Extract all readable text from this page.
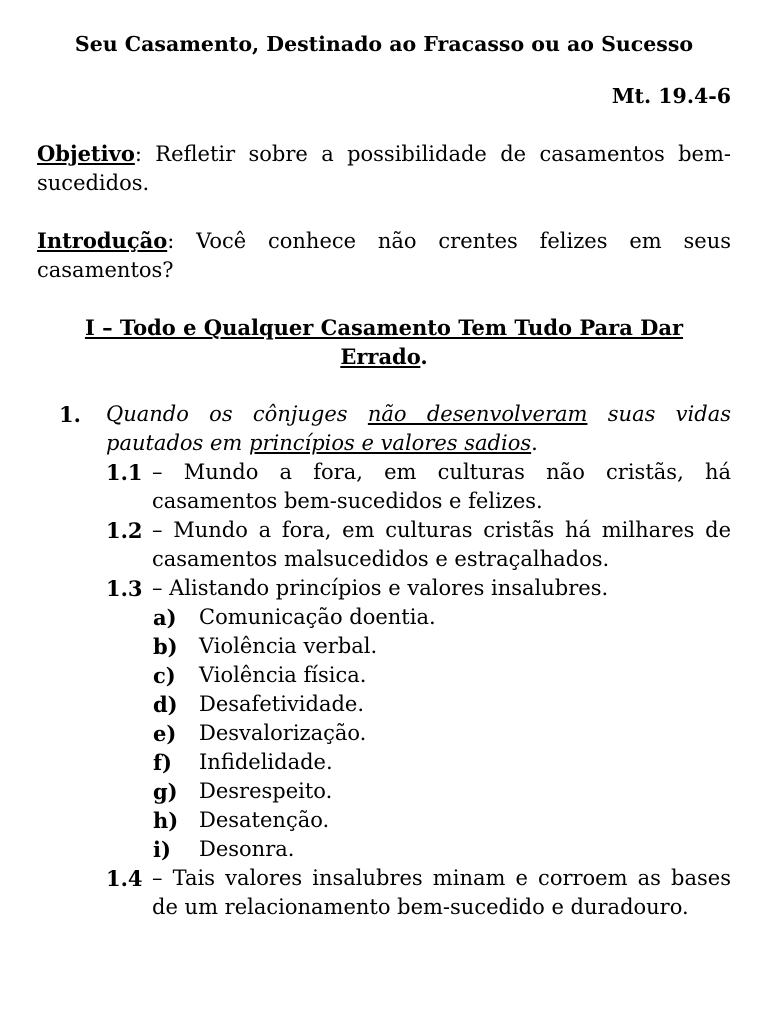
Seu Casamento, Destinado ao Fracasso ou ao Sucesso
Mt. 19.4-6
Objetivo: Refletir sobre a possibilidade de casamentos bem-sucedidos.
Introdução: Você conhece não crentes felizes em seus casamentos?
I – Todo e Qualquer Casamento Tem Tudo Para Dar Errado.
1. Quando os cônjuges não desenvolveram suas vidas pautados em princípios e valores sadios.
1.1 – Mundo a fora, em culturas não cristãs, há casamentos bem-sucedidos e felizes.
1.2 – Mundo a fora, em culturas cristãs há milhares de casamentos malsucedidos e estraçalhados.
1.3 – Alistando princípios e valores insalubres.
a) Comunicação doentia.
b) Violência verbal.
c) Violência física.
d) Desafetividade.
e) Desvalorização.
f) Infidelidade.
g) Desrespeito.
h) Desatenção.
i) Desonra.
1.4 – Tais valores insalubres minam e corroem as bases de um relacionamento bem-sucedido e duradouro.
